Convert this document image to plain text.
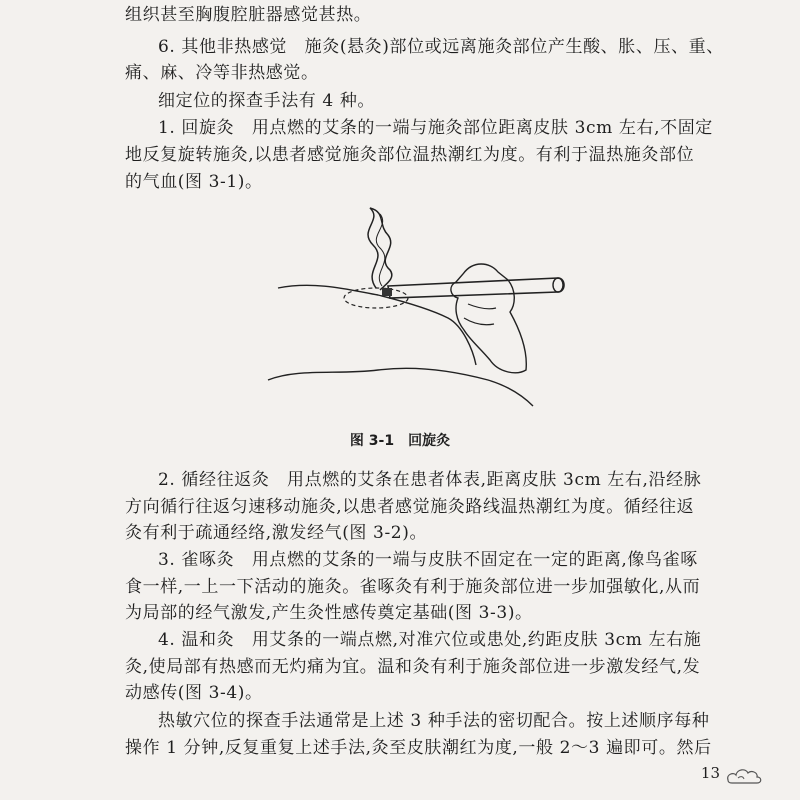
组织甚至胸腹腔脏器感觉甚热。
6. 其他非热感觉　施灸(悬灸)部位或远离施灸部位产生酸、胀、压、重、
痛、麻、冷等非热感觉。
细定位的探查手法有 4 种。
1. 回旋灸　用点燃的艾条的一端与施灸部位距离皮肤 3cm 左右,不固定
地反复旋转施灸,以患者感觉施灸部位温热潮红为度。有利于温热施灸部位
的气血(图 3-1)。
图 3-1　回旋灸
2. 循经往返灸　用点燃的艾条在患者体表,距离皮肤 3cm 左右,沿经脉
方向循行往返匀速移动施灸,以患者感觉施灸路线温热潮红为度。循经往返
灸有利于疏通经络,激发经气(图 3-2)。
3. 雀啄灸　用点燃的艾条的一端与皮肤不固定在一定的距离,像鸟雀啄
食一样,一上一下活动的施灸。雀啄灸有利于施灸部位进一步加强敏化,从而
为局部的经气激发,产生灸性感传奠定基础(图 3-3)。
4. 温和灸　用艾条的一端点燃,对准穴位或患处,约距皮肤 3cm 左右施
灸,使局部有热感而无灼痛为宜。温和灸有利于施灸部位进一步激发经气,发
动感传(图 3-4)。
热敏穴位的探查手法通常是上述 3 种手法的密切配合。按上述顺序每种
操作 1 分钟,反复重复上述手法,灸至皮肤潮红为度,一般 2～3 遍即可。然后
13
